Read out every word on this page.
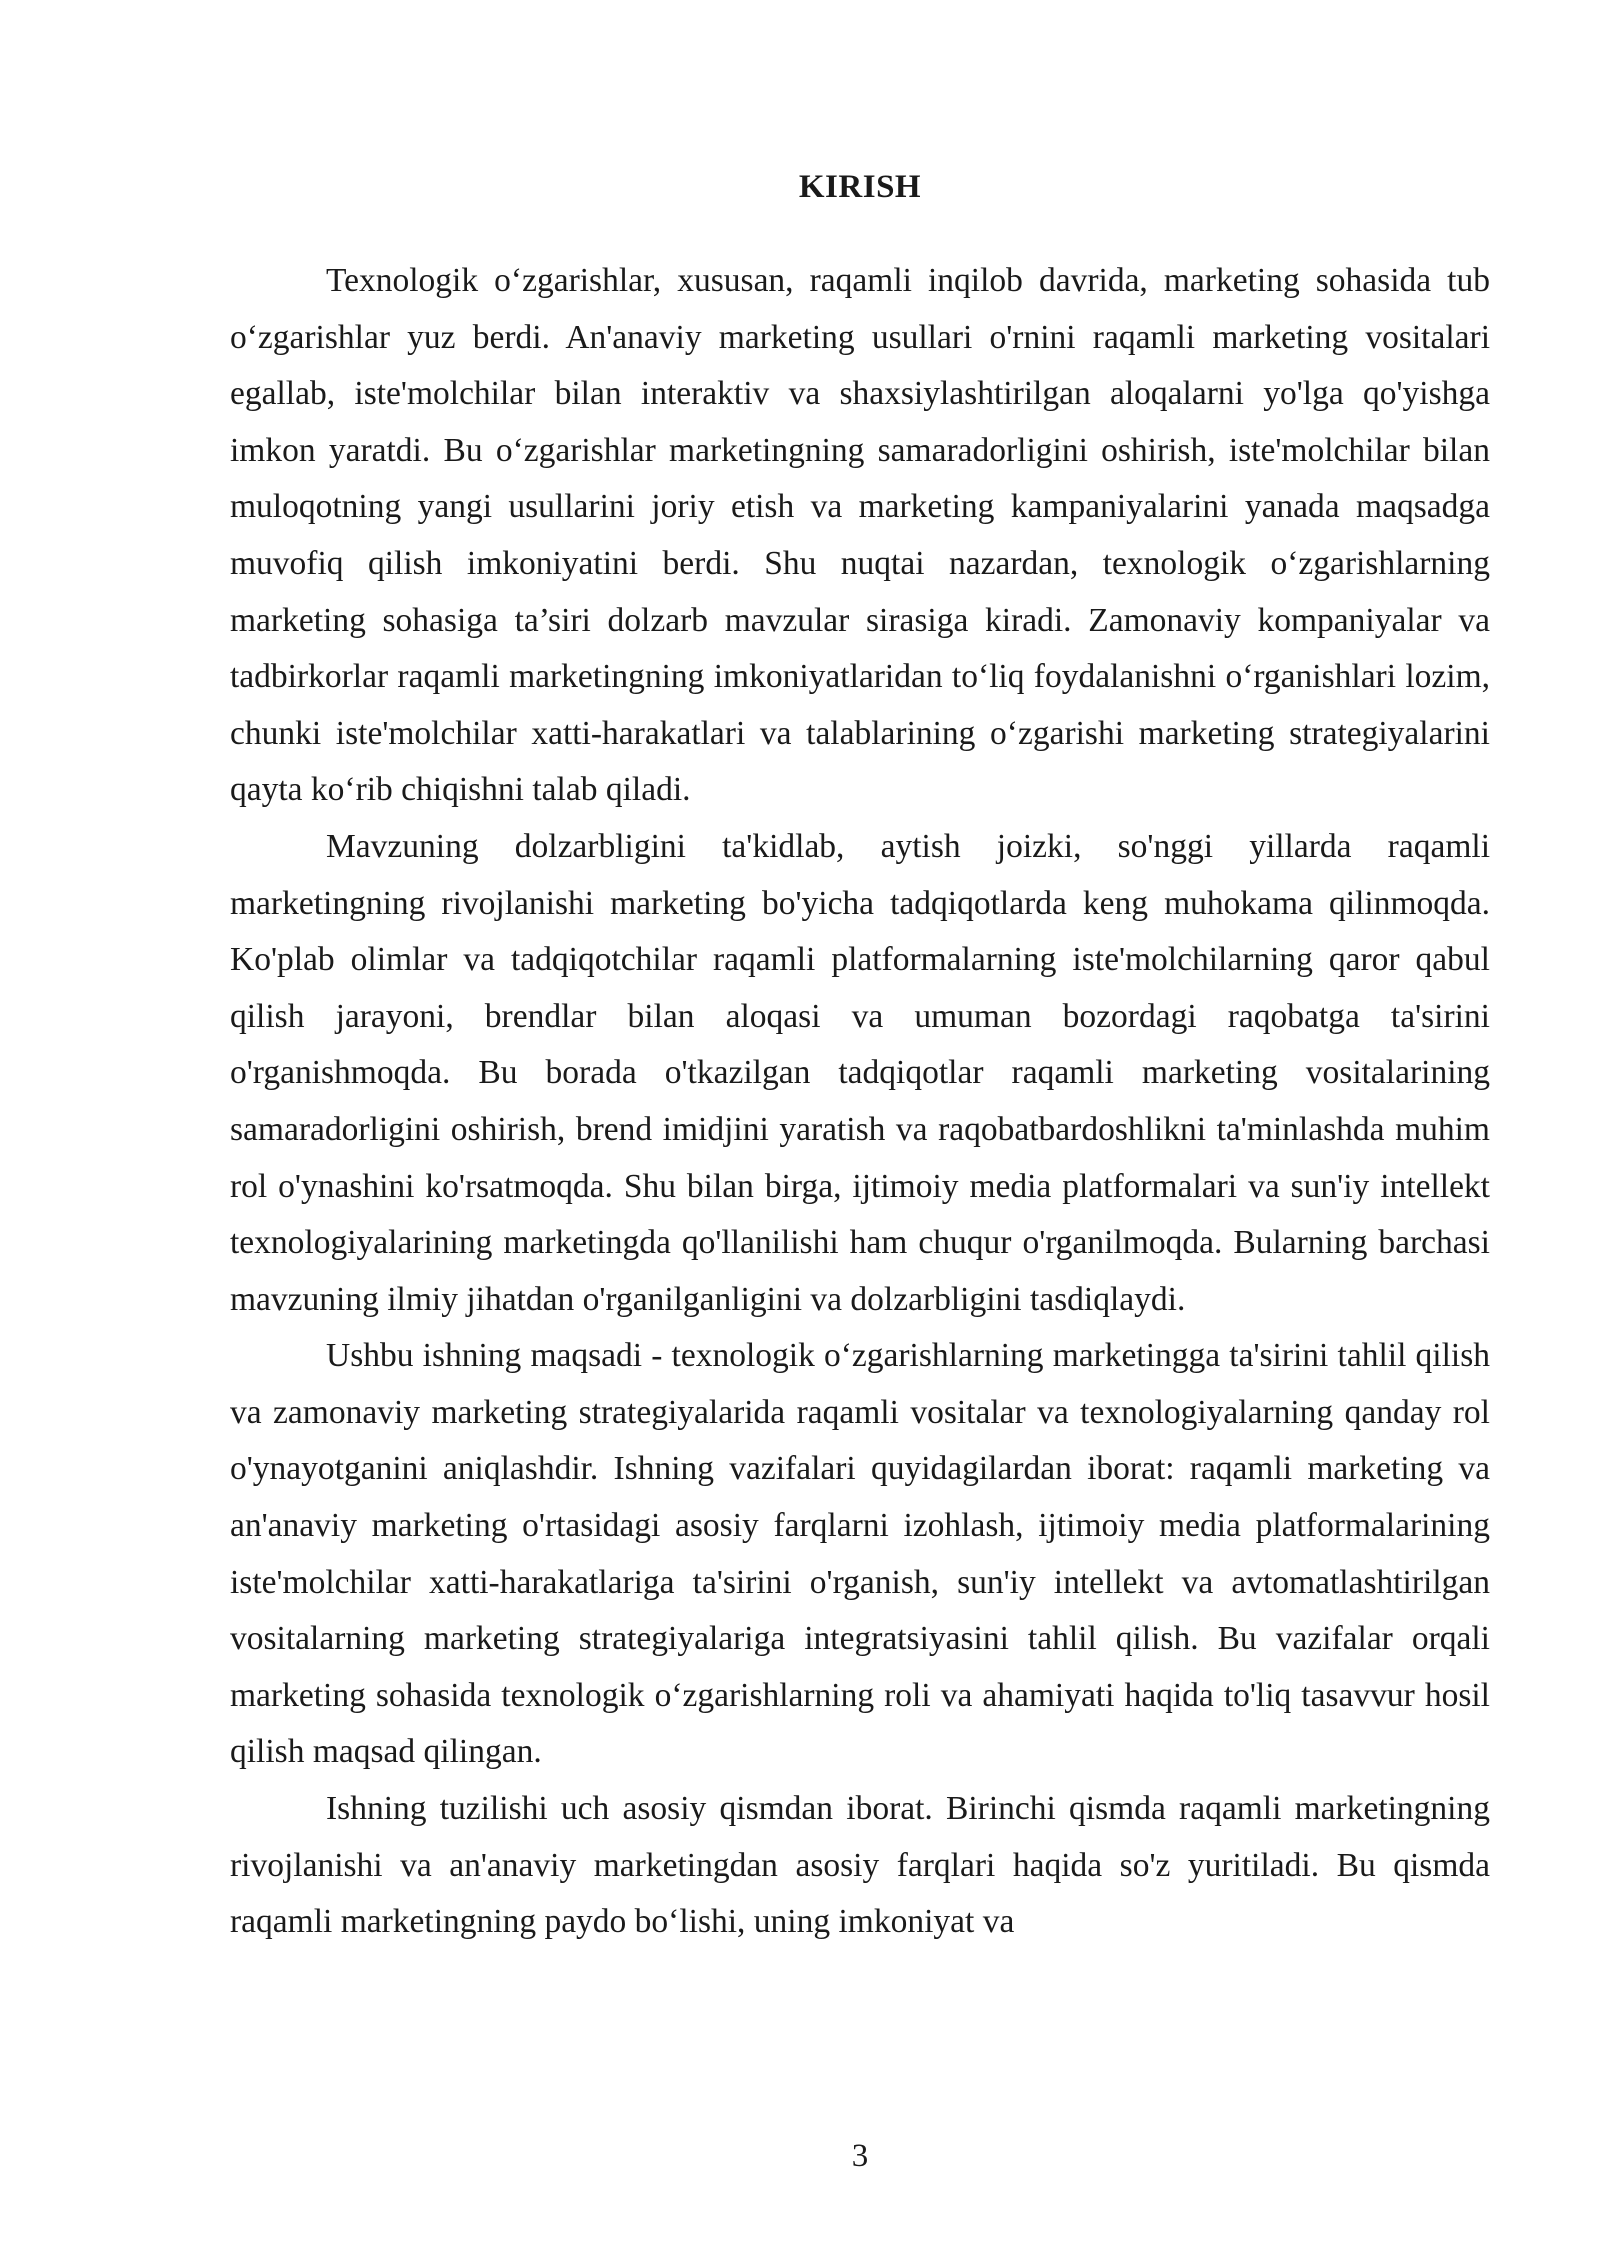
KIRISH

Texnologik o‘zgarishlar, xususan, raqamli inqilob davrida, marketing sohasida tub o‘zgarishlar yuz berdi. An'anaviy marketing usullari o'rnini raqamli marketing vositalari egallab, iste'molchilar bilan interaktiv va shaxsiylashtirilgan aloqalarni yo'lga qo'yishga imkon yaratdi. Bu o‘zgarishlar marketingning samaradorligini oshirish, iste'molchilar bilan muloqotning yangi usullarini joriy etish va marketing kampaniyalarini yanada maqsadga muvofiq qilish imkoniyatini berdi. Shu nuqtai nazardan, texnologik o‘zgarishlarning marketing sohasiga ta’siri dolzarb mavzular sirasiga kiradi. Zamonaviy kompaniyalar va tadbirkorlar raqamli marketingning imkoniyatlaridan to‘liq foydalanishni o‘rganishlari lozim, chunki iste'molchilar xatti-harakatlari va talablarining o‘zgarishi marketing strategiyalarini qayta ko‘rib chiqishni talab qiladi.

Mavzuning dolzarbligini ta'kidlab, aytish joizki, so'nggi yillarda raqamli marketingning rivojlanishi marketing bo'yicha tadqiqotlarda keng muhokama qilinmoqda. Ko'plab olimlar va tadqiqotchilar raqamli platformalarning iste'molchilarning qaror qabul qilish jarayoni, brendlar bilan aloqasi va umuman bozordagi raqobatga ta'sirini o'rganishmoqda. Bu borada o'tkazilgan tadqiqotlar raqamli marketing vositalarining samaradorligini oshirish, brend imidjini yaratish va raqobatbardoshlikni ta'minlashda muhim rol o'ynashini ko'rsatmoqda. Shu bilan birga, ijtimoiy media platformalari va sun'iy intellekt texnologiyalarining marketingda qo'llanilishi ham chuqur o'rganilmoqda. Bularning barchasi mavzuning ilmiy jihatdan o'rganilganligini va dolzarbligini tasdiqlaydi.

Ushbu ishning maqsadi - texnologik o‘zgarishlarning marketingga ta'sirini tahlil qilish va zamonaviy marketing strategiyalarida raqamli vositalar va texnologiyalarning qanday rol o'ynayotganini aniqlashdir. Ishning vazifalari quyidagilardan iborat: raqamli marketing va an'anaviy marketing o'rtasidagi asosiy farqlarni izohlash, ijtimoiy media platformalarining iste'molchilar xatti-harakatlariga ta'sirini o'rganish, sun'iy intellekt va avtomatlashtirilgan vositalarning marketing strategiyalariga integratsiyasini tahlil qilish. Bu vazifalar orqali marketing sohasida texnologik o‘zgarishlarning roli va ahamiyati haqida to'liq tasavvur hosil qilish maqsad qilingan.

Ishning tuzilishi uch asosiy qismdan iborat. Birinchi qismda raqamli marketingning rivojlanishi va an'anaviy marketingdan asosiy farqlari haqida so'z yuritiladi. Bu qismda raqamli marketingning paydo bo‘lishi, uning imkoniyat va

3
